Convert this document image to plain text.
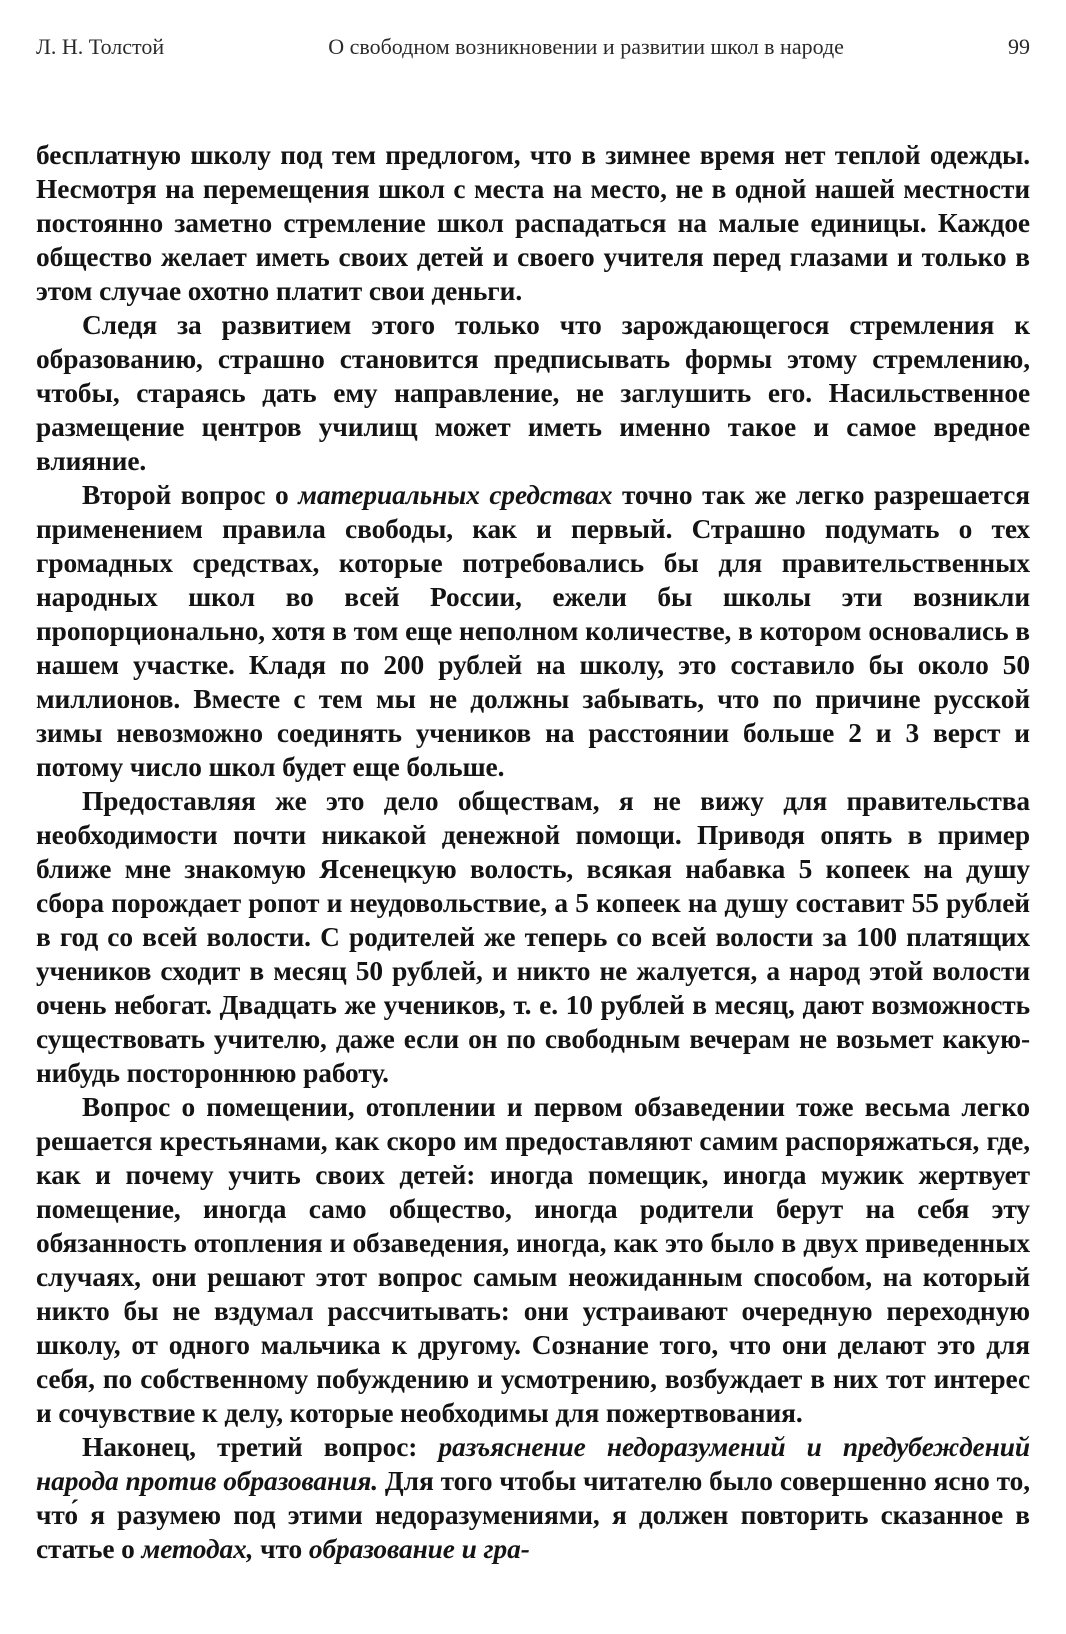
Л. Н. Толстой	О свободном возникновении и развитии школ в народе	99

бесплатную школу под тем предлогом, что в зимнее время нет теплой одежды. Несмотря на перемещения школ с места на место, не в одной нашей местности постоянно заметно стремление школ распадаться на малые единицы. Каждое общество желает иметь своих детей и своего учителя перед глазами и только в этом случае охотно платит свои деньги.

Следя за развитием этого только что зарождающегося стремления к образованию, страшно становится предписывать формы этому стремлению, чтобы, стараясь дать ему направление, не заглушить его. Насильственное размещение центров училищ может иметь именно такое и самое вредное влияние.

Второй вопрос о материальных средствах точно так же легко разрешается применением правила свободы, как и первый. Страшно подумать о тех громадных средствах, которые потребовались бы для правительственных народных школ во всей России, ежели бы школы эти возникли пропорционально, хотя в том еще неполном количестве, в котором основались в нашем участке. Кладя по 200 рублей на школу, это составило бы около 50 миллионов. Вместе с тем мы не должны забывать, что по причине русской зимы невозможно соединять учеников на расстоянии больше 2 и 3 верст и потому число школ будет еще больше.

Предоставляя же это дело обществам, я не вижу для правительства необходимости почти никакой денежной помощи. Приводя опять в пример ближе мне знакомую Ясенецкую волость, всякая набавка 5 копеек на душу сбора порождает ропот и неудовольствие, а 5 копеек на душу составит 55 рублей в год со всей волости. С родителей же теперь со всей волости за 100 платящих учеников сходит в месяц 50 рублей, и никто не жалуется, а народ этой волости очень небогат. Двадцать же учеников, т. е. 10 рублей в месяц, дают возможность существовать учителю, даже если он по свободным вечерам не возьмет какую-нибудь постороннюю работу.

Вопрос о помещении, отоплении и первом обзаведении тоже весьма легко решается крестьянами, как скоро им предоставляют самим распоряжаться, где, как и почему учить своих детей: иногда помещик, иногда мужик жертвует помещение, иногда само общество, иногда родители берут на себя эту обязанность отопления и обзаведения, иногда, как это было в двух приведенных случаях, они решают этот вопрос самым неожиданным способом, на который никто бы не вздумал рассчитывать: они устраивают очередную переходную школу, от одного мальчика к другому. Сознание того, что они делают это для себя, по собственному побуждению и усмотрению, возбуждает в них тот интерес и сочувствие к делу, которые необходимы для пожертвования.

Наконец, третий вопрос: разъяснение недоразумений и предубеждений народа против образования. Для того чтобы читателю было совершенно ясно то, что́ я разумею под этими недоразумениями, я должен повторить сказанное в статье о методах, что образование и гра-
